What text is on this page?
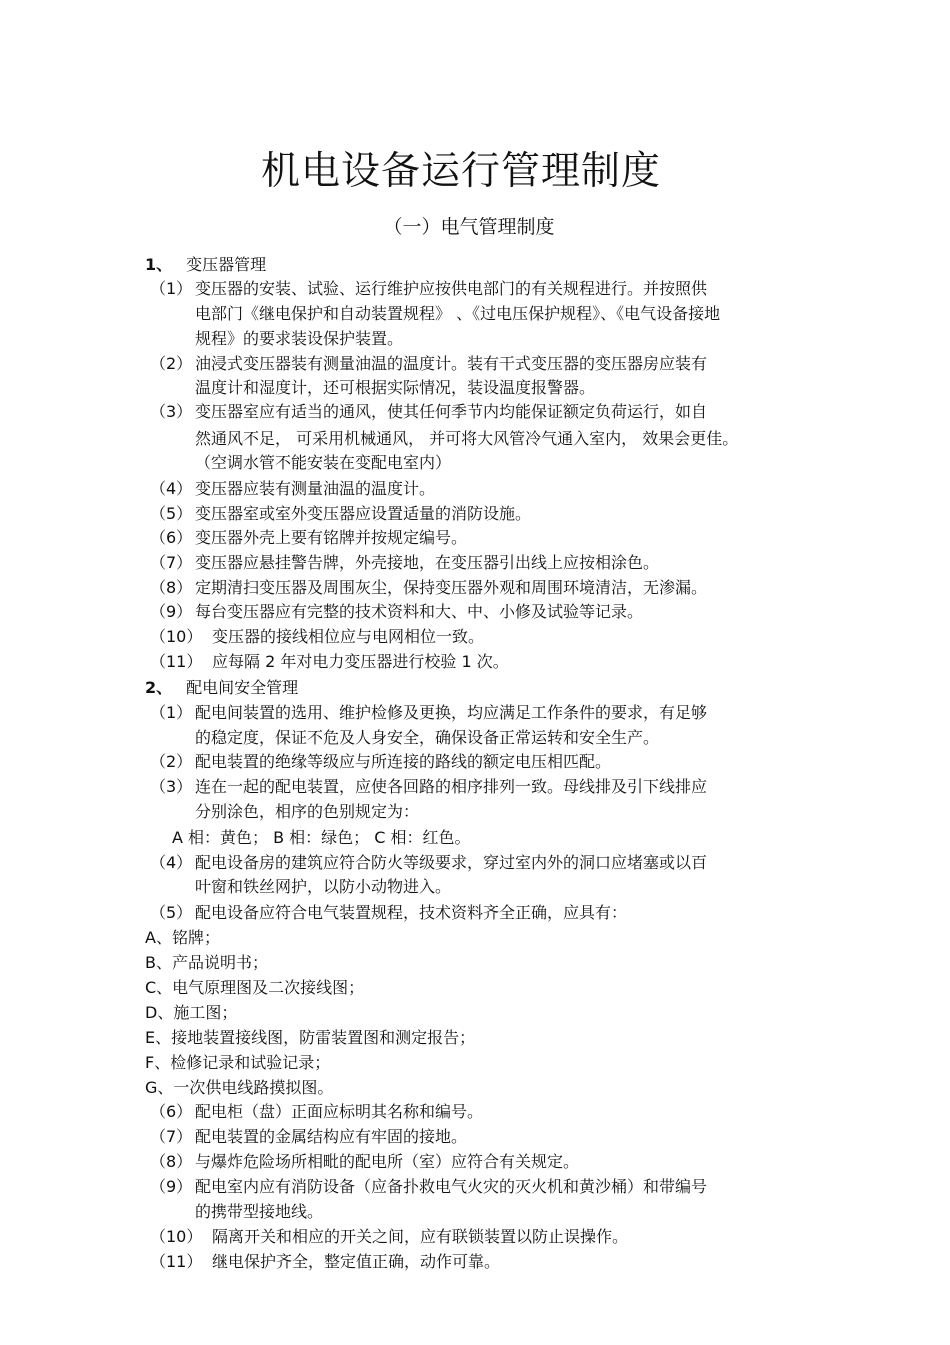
机电设备运行管理制度
（一）电气管理制度
1、 变压器管理
（1） 变压器的安装、试验、运行维护应按供电部门的有关规程进行。并按照供
电部门《继电保护和自动装置规程》 、《过电压保护规程》、《电气设备接地
规程》的要求装设保护装置。
（2） 油浸式变压器装有测量油温的温度计。装有干式变压器的变压器房应装有
温度计和湿度计，还可根据实际情况，装设温度报警器。
（3） 变压器室应有适当的通风，使其任何季节内均能保证额定负荷运行，如自
然通风不足， 可采用机械通风， 并可将大风管冷气通入室内， 效果会更佳。
（空调水管不能安装在变配电室内）
（4） 变压器应装有测量油温的温度计。
（5） 变压器室或室外变压器应设置适量的消防设施。
（6） 变压器外壳上要有铭牌并按规定编号。
（7） 变压器应悬挂警告牌，外壳接地，在变压器引出线上应按相涂色。
（8） 定期清扫变压器及周围灰尘，保持变压器外观和周围环境清洁，无渗漏。
（9） 每台变压器应有完整的技术资料和大、中、小修及试验等记录。
（10） 变压器的接线相位应与电网相位一致。
（11） 应每隔 2 年对电力变压器进行校验 1 次。
2、 配电间安全管理
（1） 配电间装置的选用、维护检修及更换，均应满足工作条件的要求，有足够
的稳定度，保证不危及人身安全，确保设备正常运转和安全生产。
（2） 配电装置的绝缘等级应与所连接的路线的额定电压相匹配。
（3） 连在一起的配电装置，应使各回路的相序排列一致。母线排及引下线排应
分别涂色，相序的色别规定为：
A 相：黄色； B 相：绿色； C 相：红色。
（4） 配电设备房的建筑应符合防火等级要求，穿过室内外的洞口应堵塞或以百
叶窗和铁丝网护，以防小动物进入。
（5） 配电设备应符合电气装置规程，技术资料齐全正确，应具有：
A、铭牌；
B、产品说明书；
C、电气原理图及二次接线图；
D、施工图；
E、接地装置接线图，防雷装置图和测定报告；
F、检修记录和试验记录；
G、一次供电线路摸拟图。
（6） 配电柜（盘）正面应标明其名称和编号。
（7） 配电装置的金属结构应有牢固的接地。
（8） 与爆炸危险场所相毗的配电所（室）应符合有关规定。
（9） 配电室内应有消防设备（应备扑救电气火灾的灭火机和黄沙桶）和带编号
的携带型接地线。
（10） 隔离开关和相应的开关之间，应有联锁装置以防止误操作。
（11） 继电保护齐全，整定值正确，动作可靠。
